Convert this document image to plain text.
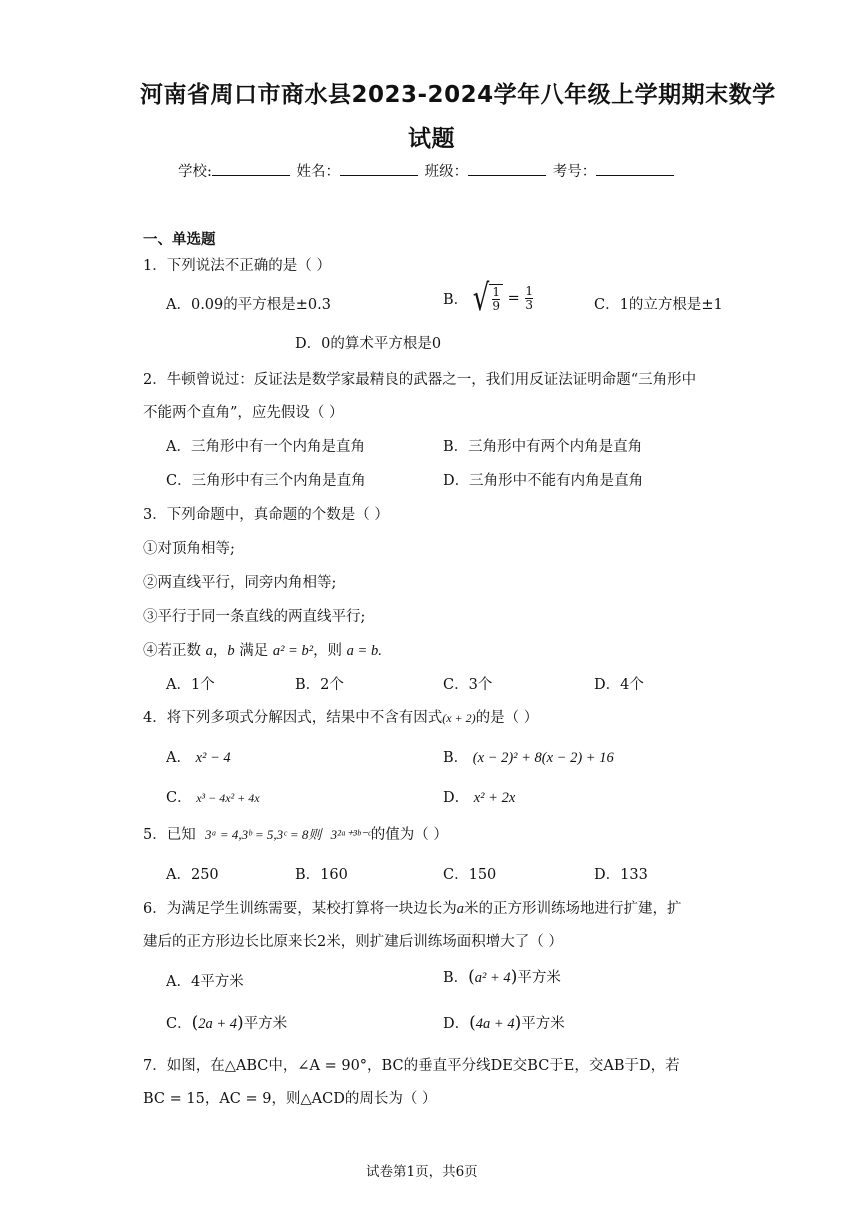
河南省周口市商水县2023-2024学年八年级上学期期末数学
试题
学校:	姓名：	班级：	考号：
一、单选题
1．下列说法不正确的是（ ）
A．0.09的平方根是±0.3	B． √ $\frac{1}{9} = \frac{1}{3}$	C．1的立方根是±1
D．0的算术平方根是0
2．牛顿曾说过：反证法是数学家最精良的武器之一，我们用反证法证明命题“三角形中
不能两个直角”，应先假设（ ）
A．三角形中有一个内角是直角	B．三角形中有两个内角是直角
C．三角形中有三个内角是直角	D．三角形中不能有内角是直角
3．下列命题中，真命题的个数是（ ）
①对顶角相等;
②两直线平行，同旁内角相等;
③平行于同一条直线的两直线平行;
④若正数 a，b 满足 a² = b²，则 a = b.
A．1个	B．2个	C．3个	D．4个
4．将下列多项式分解因式，结果中不含有因式(x + 2)的是（ ）
A． x² − 4	B． (x − 2)² + 8(x − 2) + 16
C． x³ − 4x² + 4x	D． x² + 2x
5．已知 3ᵃ = 4,3ᵇ = 5,3ᶜ = 8则 3²ᵃ⁺³ᵇ⁻ᶜ的值为（ ）
A．250	B．160	C．150	D．133
6．为满足学生训练需要，某校打算将一块边长为a米的正方形训练场地进行扩建，扩
建后的正方形边长比原来长2米，则扩建后训练场面积增大了（ ）
A．4平方米	B．(a² + 4)平方米
C．(2a + 4)平方米	D．(4a + 4)平方米
7．如图，在△ABC中，∠A = 90°，BC的垂直平分线DE交BC于E，交AB于D，若
BC = 15，AC = 9，则△ACD的周长为（ ）
试卷第1页，共6页
